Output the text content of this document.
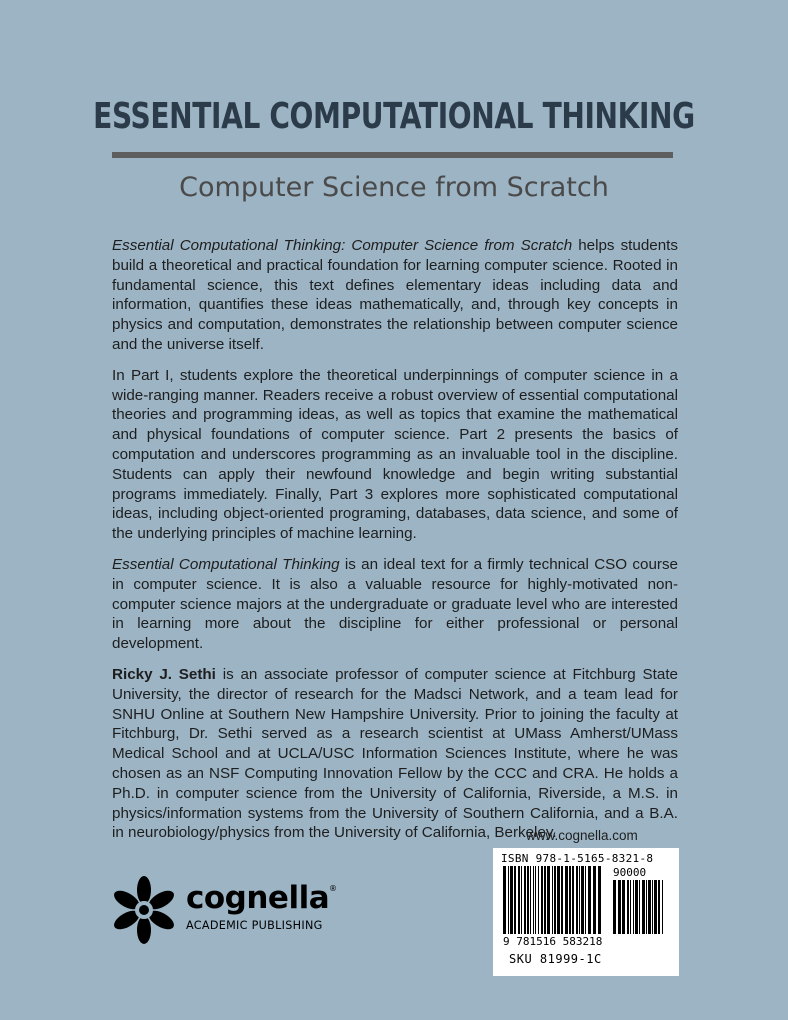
ESSENTIAL COMPUTATIONAL THINKING
Computer Science from Scratch

Essential Computational Thinking: Computer Science from Scratch helps students build a theoretical and practical foundation for learning computer science. Rooted in fundamental science, this text defines elementary ideas including data and information, quantifies these ideas mathematically, and, through key concepts in physics and computation, demonstrates the relationship between computer science and the universe itself.

In Part I, students explore the theoretical underpinnings of computer science in a wide-ranging manner. Readers receive a robust overview of essential computational theories and programming ideas, as well as topics that examine the mathematical and physical foundations of computer science. Part 2 presents the basics of computation and underscores programming as an invaluable tool in the discipline. Students can apply their newfound knowledge and begin writing substantial programs immediately. Finally, Part 3 explores more sophisticated computational ideas, including object-oriented programing, databases, data science, and some of the underlying principles of machine learning.

Essential Computational Thinking is an ideal text for a firmly technical CSO course in computer science. It is also a valuable resource for highly-motivated non-computer science majors at the undergraduate or graduate level who are interested in learning more about the discipline for either professional or personal development.

Ricky J. Sethi is an associate professor of computer science at Fitchburg State University, the director of research for the Madsci Network, and a team lead for SNHU Online at Southern New Hampshire University. Prior to joining the faculty at Fitchburg, Dr. Sethi served as a research scientist at UMass Amherst/UMass Medical School and at UCLA/USC Information Sciences Institute, where he was chosen as an NSF Computing Innovation Fellow by the CCC and CRA. He holds a Ph.D. in computer science from the University of California, Riverside, a M.S. in physics/information systems from the University of Southern California, and a B.A. in neurobiology/physics from the University of California, Berkeley.

www.cognella.com
ISBN 978-1-5165-8321-8
90000
9 781516 583218
SKU 81999-1C
cognella ®
ACADEMIC PUBLISHING
